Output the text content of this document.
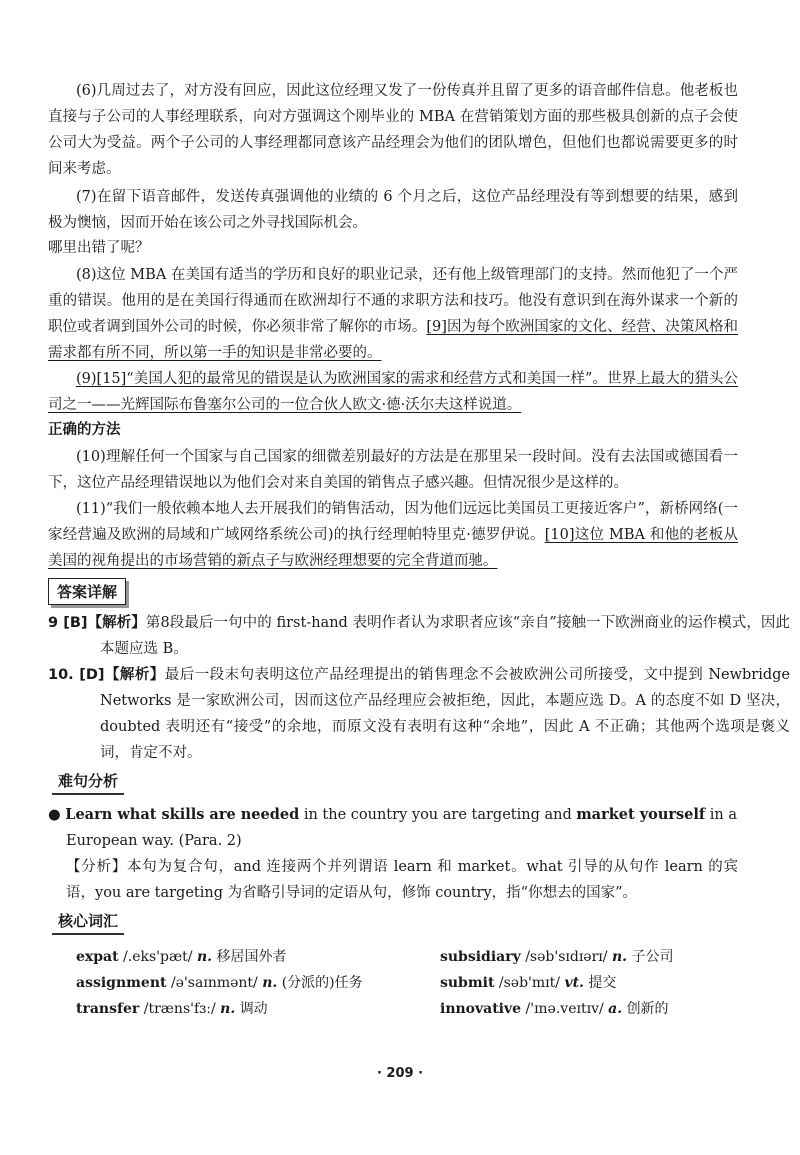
(6)几周过去了，对方没有回应，因此这位经理又发了一份传真并且留了更多的语音邮件信息。他老板也直接与子公司的人事经理联系，向对方强调这个刚毕业的 MBA 在营销策划方面的那些极具创新的点子会使公司大为受益。两个子公司的人事经理都同意该产品经理会为他们的团队增色，但他们也都说需要更多的时间来考虑。
(7)在留下语音邮件，发送传真强调他的业绩的 6 个月之后，这位产品经理没有等到想要的结果，感到极为懊恼，因而开始在该公司之外寻找国际机会。
哪里出错了呢？
(8)这位 MBA 在美国有适当的学历和良好的职业记录，还有他上级管理部门的支持。然而他犯了一个严重的错误。他用的是在美国行得通而在欧洲却行不通的求职方法和技巧。他没有意识到在海外谋求一个新的职位或者调到国外公司的时候，你必须非常了解你的市场。[9]因为每个欧洲国家的文化、经营、决策风格和需求都有所不同，所以第一手的知识是非常必要的。
(9)[15]“美国人犯的最常见的错误是认为欧洲国家的需求和经营方式和美国一样”。世界上最大的猎头公司之一——光辉国际布鲁塞尔公司的一位合伙人欧文·德·沃尔夫这样说道。
正确的方法
(10)理解任何一个国家与自己国家的细微差别最好的方法是在那里呆一段时间。没有去法国或德国看一下，这位产品经理错误地以为他们会对来自美国的销售点子感兴趣。但情况很少是这样的。
(11)“我们一般依赖本地人去开展我们的销售活动，因为他们远远比美国员工更接近客户”，新桥网络(一家经营遍及欧洲的局域和广域网络系统公司)的执行经理帕特里克·德罗伊说。[10]这位 MBA 和他的老板从美国的视角提出的市场营销的新点子与欧洲经理想要的完全背道而驰。
答案详解
9 [B]【解析】第8段最后一句中的 first-hand 表明作者认为求职者应该“亲自”接触一下欧洲商业的运作模式，因此本题应选 B。
10. [D]【解析】最后一段末句表明这位产品经理提出的销售理念不会被欧洲公司所接受，文中提到 Newbridge Networks 是一家欧洲公司，因而这位产品经理应会被拒绝，因此，本题应选 D。A 的态度不如 D 坚决，doubted 表明还有“接受”的余地，而原文没有表明有这种“余地”，因此 A 不正确；其他两个选项是褒义词，肯定不对。
难句分析
● Learn what skills are needed in the country you are targeting and market yourself in a European way. (Para. 2)
【分析】本句为复合句，and 连接两个并列谓语 learn 和 market。what 引导的从句作 learn 的宾语，you are targeting 为省略引导词的定语从句，修饰 country，指“你想去的国家”。
核心词汇
expat /.eks'pæt/ n. 移居国外者	subsidiary /səb'sɪdɪərɪ/ n. 子公司
assignment /ə'saɪnmənt/ n. (分派的)任务	submit /səb'mɪt/ vt. 提交
transfer /træns'fɜː/ n. 调动	innovative /'ɪnə.veɪtɪv/ a. 创新的
· 209 ·
